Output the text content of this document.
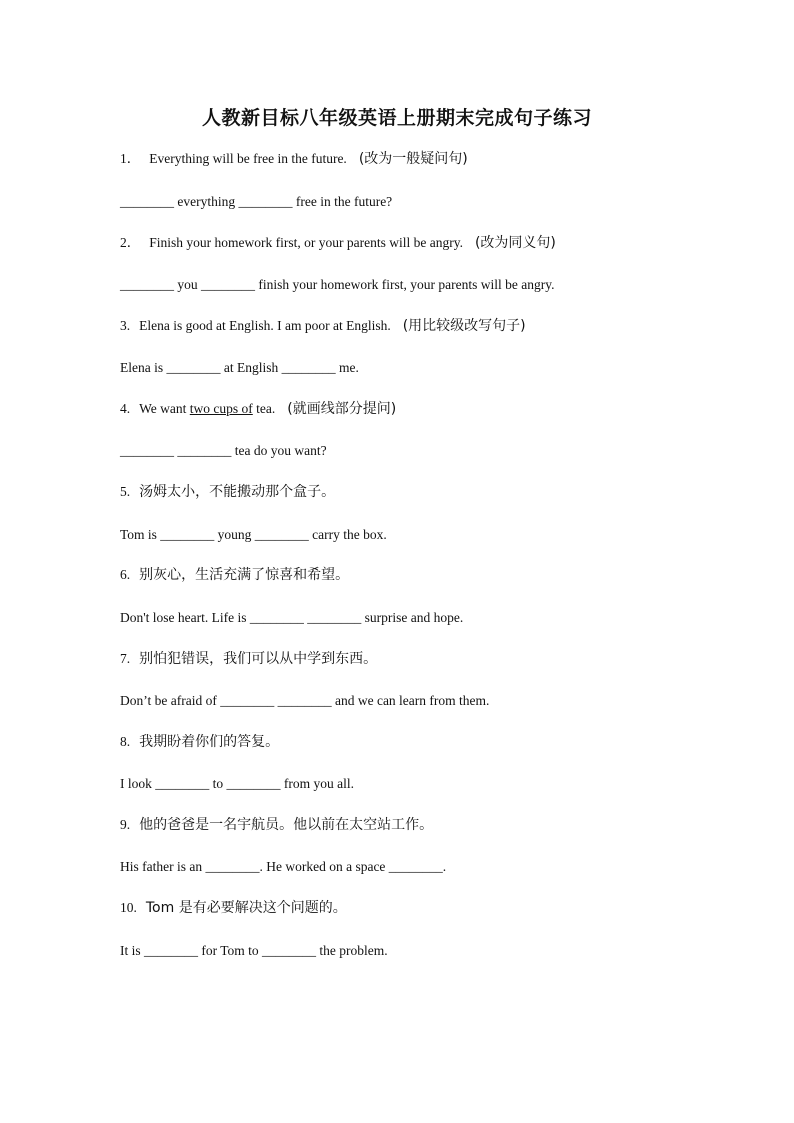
人教新目标八年级英语上册期末完成句子练习
1． Everything will be free in the future. (改为一般疑问句)
________ everything ________ free in the future?
2． Finish your homework first, or your parents will be angry. (改为同义句)
________ you ________ finish your homework first, your parents will be angry.
3. Elena is good at English. I am poor at English. (用比较级改写句子)
Elena is ________ at English ________ me.
4. We want two cups of tea. (就画线部分提问)
________ ________ tea do you want?
5. 汤姆太小，不能搬动那个盒子。
Tom is ________ young ________ carry the box.
6. 别灰心，生活充满了惊喜和希望。
Don't lose heart. Life is ________ ________ surprise and hope.
7. 别怕犯错误，我们可以从中学到东西。
Don’t be afraid of ________ ________ and we can learn from them.
8. 我期盼着你们的答复。
I look ________ to ________ from you all.
9. 他的爸爸是一名宇航员。他以前在太空站工作。
His father is an ________. He worked on a space ________.
10. Tom 是有必要解决这个问题的。
It is ________ for Tom to ________ the problem.
